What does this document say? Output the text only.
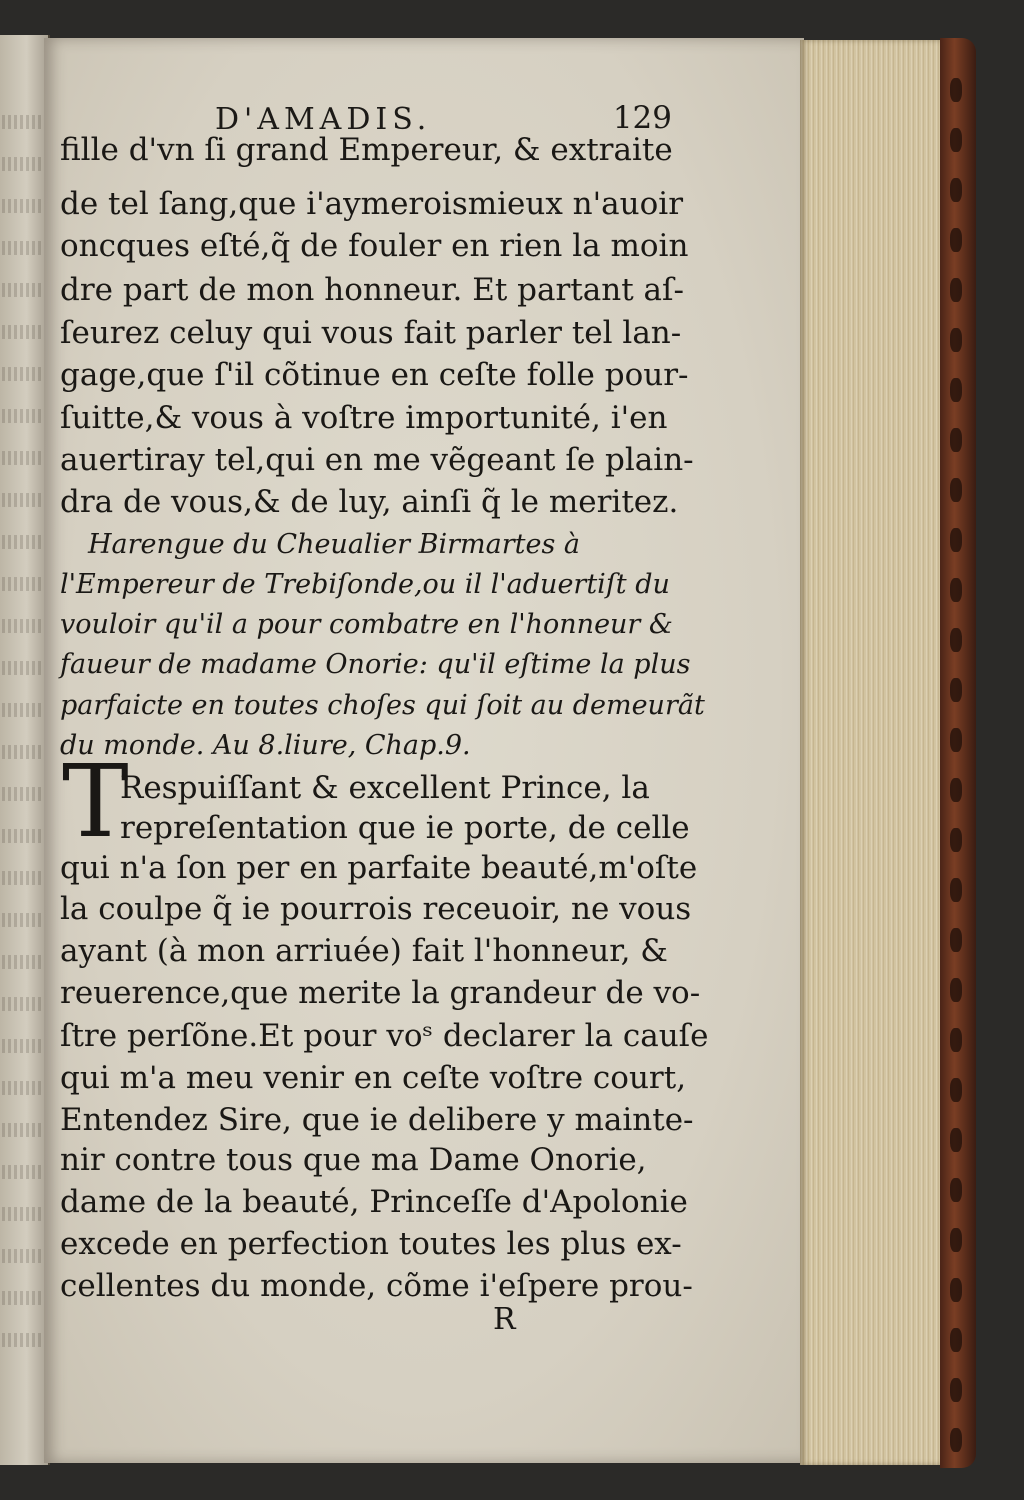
D'AMADIS.	129
fille d'vn ſi grand Empereur, & extraite
de tel ſang,que i'aymeroismieux n'auoir
oncques eſté,q̃ de fouler en rien la moin
dre part de mon honneur. Et partant aſ-
ſeurez celuy qui vous fait parler tel lan-
gage,que ſ'il cõtinue en ceſte folle pour-
ſuitte,& vous à voſtre importunité, i'en
auertiray tel,qui en me vẽgeant ſe plain-
dra de vous,& de luy, ainſi q̃ le meritez.
Harengue du Cheualier Birmartes à
l'Empereur de Trebiſonde,ou il l'aduertiſt du
vouloir qu'il a pour combatre en l'honneur &
faueur de madame Onorie: qu'il eſtime la plus
parfaicte en toutes choſes qui ſoit au demeurãt
du monde. Au 8.liure, Chap.9.
T
Respuiſſant & excellent Prince, la
repreſentation que ie porte, de celle
qui n'a ſon per en parfaite beauté,m'oſte
la coulpe q̃ ie pourrois receuoir, ne vous
ayant (à mon arriuée) fait l'honneur, &
reuerence,que merite la grandeur de vo-
ſtre perſõne.Et pour voˢ declarer la cauſe
qui m'a meu venir en ceſte voſtre court,
Entendez Sire, que ie delibere y mainte-
nir contre tous que ma Dame Onorie,
dame de la beauté, Princeſſe d'Apolonie
excede en perfection toutes les plus ex-
cellentes du monde, cõme i'eſpere prou-
R
